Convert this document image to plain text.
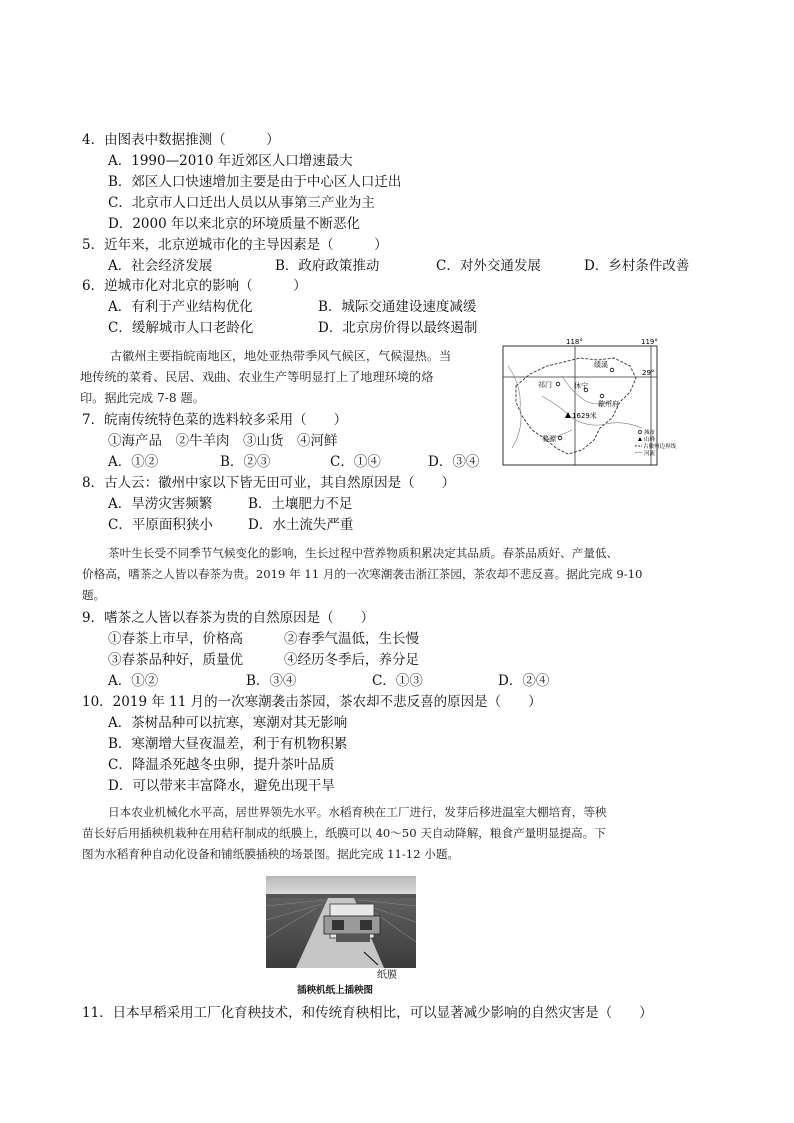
4．由图表中数据推测（　　　）
A．1990—2010 年近郊区人口增速最大
B．郊区人口快速增加主要是由于中心区人口迁出
C．北京市人口迁出人员以从事第三产业为主
D．2000 年以来北京的环境质量不断恶化
5．近年来，北京逆城市化的主导因素是（　　　）
A．社会经济发展	B．政府政策推动	C．对外交通发展	D．乡村条件改善
6．逆城市化对北京的影响（　　　）
A．有利于产业结构优化	B．城际交通建设速度减缓
C．缓解城市人口老龄化	D．北京房价得以最终遏制
古徽州主要指皖南地区，地处亚热带季风气候区，气候湿热。当
地传统的菜肴、民居、戏曲、农业生产等明显打上了地理环境的烙
印。据此完成 7-8 题。
118°	119°
29°
绩溪
祁门	休宁
歙州府
1629米
婺源
城市
山峰
古徽州边界线
河流
7．皖南传统特色菜的选料较多采用（　　）
①海产品　②牛羊肉　③山货　④河鲜
A．①②	B．②③	C．①④	D．③④
8．古人云：徽州中家以下皆无田可业，其自然原因是（　　）
A．旱涝灾害频繁	B．土壤肥力不足
C．平原面积狭小	D．水土流失严重
茶叶生长受不同季节气候变化的影响，生长过程中营养物质积累决定其品质。春茶品质好、产量低、
价格高，嗜茶之人皆以春茶为贵。2019 年 11 月的一次寒潮袭击浙江茶园，茶农却不悲反喜。据此完成 9-10
题。
9．嗜茶之人皆以春茶为贵的自然原因是（　　）
①春茶上市早，价格高	②春季气温低，生长慢
③春茶品种好，质量优	④经历冬季后，养分足
A．①②	B．③④	C．①③	D．②④
10．2019 年 11 月的一次寒潮袭击茶园，茶农却不悲反喜的原因是（　　）
A．茶树品种可以抗寒，寒潮对其无影响
B．寒潮增大昼夜温差，利于有机物积累
C．降温杀死越冬虫卵，提升茶叶品质
D．可以带来丰富降水，避免出现干旱
日本农业机械化水平高，居世界领先水平。水稻育秧在工厂进行，发芽后移进温室大棚培育，等秧
苗长好后用插秧机栽种在用秸秆制成的纸膜上，纸膜可以 40～50 天自动降解，粮食产量明显提高。下
图为水稻育种自动化设备和铺纸膜插秧的场景图。据此完成 11-12 小题。
纸膜
插秧机纸上插秧图
11．日本早稻采用工厂化育秧技术，和传统育秧相比，可以显著减少影响的自然灾害是（　　）
